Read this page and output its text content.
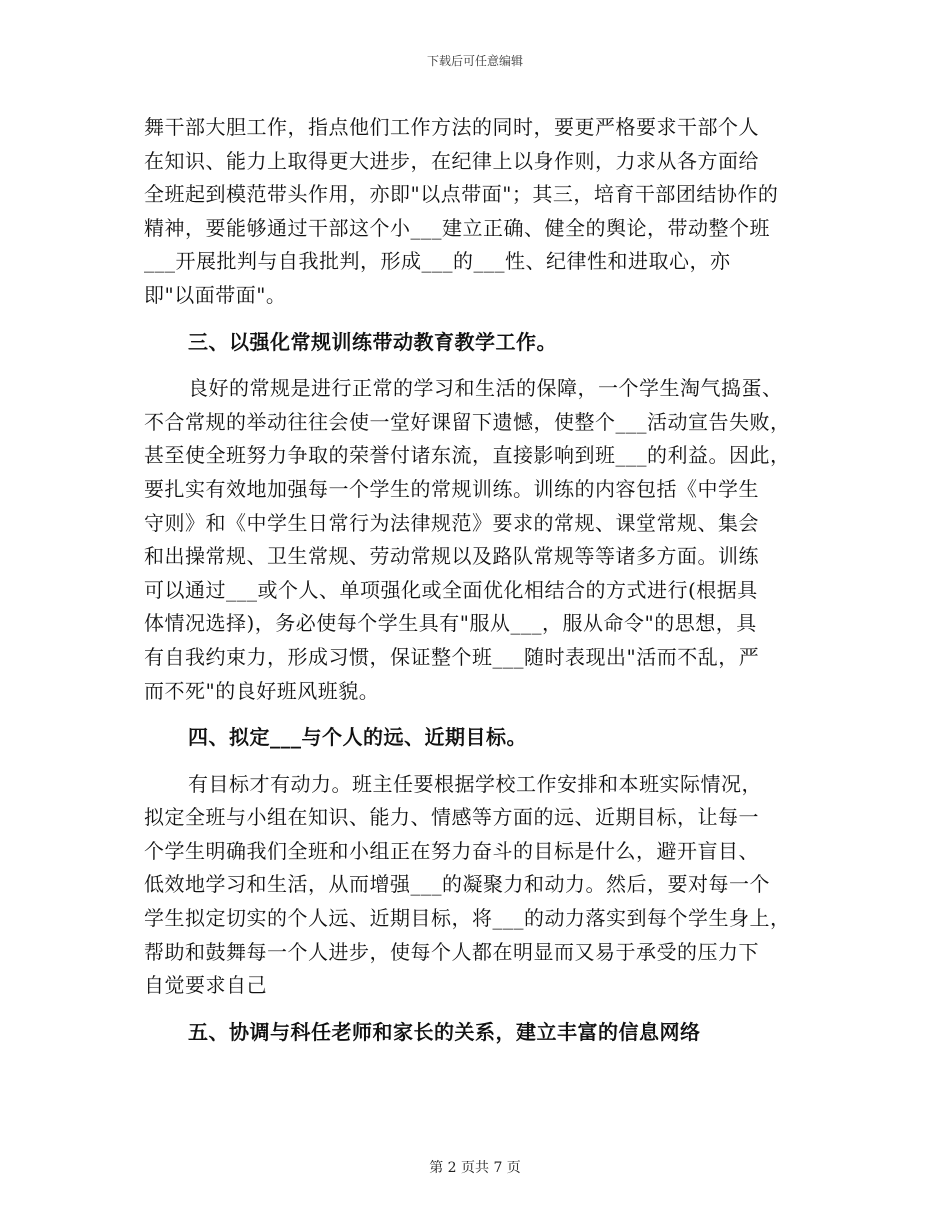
下载后可任意编辑
舞干部大胆工作，指点他们工作方法的同时，要更严格要求干部个人
在知识、能力上取得更大进步，在纪律上以身作则，力求从各方面给
全班起到模范带头作用，亦即"以点带面"；其三，培育干部团结协作的
精神，要能够通过干部这个小___建立正确、健全的舆论，带动整个班
___开展批判与自我批判，形成___的___性、纪律性和进取心，亦
即"以面带面"。
三、以强化常规训练带动教育教学工作。
良好的常规是进行正常的学习和生活的保障，一个学生淘气捣蛋、
不合常规的举动往往会使一堂好课留下遗憾，使整个___活动宣告失败，
甚至使全班努力争取的荣誉付诸东流，直接影响到班___的利益。因此，
要扎实有效地加强每一个学生的常规训练。训练的内容包括《中学生
守则》和《中学生日常行为法律规范》要求的常规、课堂常规、集会
和出操常规、卫生常规、劳动常规以及路队常规等等诸多方面。训练
可以通过___或个人、单项强化或全面优化相结合的方式进行(根据具
体情况选择)，务必使每个学生具有"服从___，服从命令"的思想，具
有自我约束力，形成习惯，保证整个班___随时表现出"活而不乱，严
而不死"的良好班风班貌。
四、拟定___与个人的远、近期目标。
有目标才有动力。班主任要根据学校工作安排和本班实际情况，
拟定全班与小组在知识、能力、情感等方面的远、近期目标，让每一
个学生明确我们全班和小组正在努力奋斗的目标是什么，避开盲目、
低效地学习和生活，从而增强___的凝聚力和动力。然后，要对每一个
学生拟定切实的个人远、近期目标，将___的动力落实到每个学生身上，
帮助和鼓舞每一个人进步，使每个人都在明显而又易于承受的压力下
自觉要求自己
五、协调与科任老师和家长的关系，建立丰富的信息网络
第 2 页共 7 页
